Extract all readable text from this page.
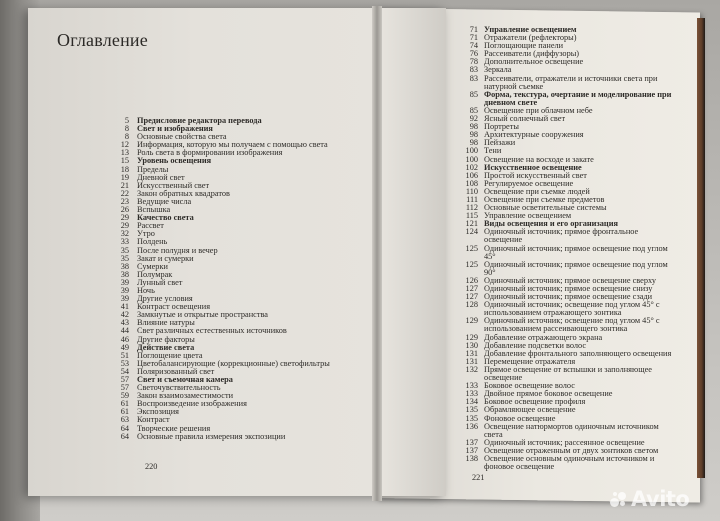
Оглавление
5 Предисловие редактора перевода
8 Свет и изображения
8 Основные свойства света
12 Информация, которую мы получаем с помощью света
13 Роль света в формировании изображения
15 Уровень освещения
18 Пределы
19 Дневной свет
21 Искусственный свет
22 Закон обратных квадратов
23 Ведущие числа
26 Вспышка
29 Качество света
29 Рассвет
32 Утро
33 Полдень
35 После полудня и вечер
35 Закат и сумерки
38 Сумерки
38 Полумрак
39 Лунный свет
39 Ночь
39 Другие условия
41 Контраст освещения
42 Замкнутые и открытые пространства
43 Влияние натуры
44 Свет различных естественных источников
46 Другие факторы
49 Действие света
51 Поглощение цвета
53 Цветобалансирующие (коррекционные) светофильтры
54 Поляризованный свет
57 Свет и съемочная камера
57 Светочувствительность
59 Закон взаимозаместимости
61 Воспроизведение изображения
61 Экспозиция
63 Контраст
64 Творческие решения
64 Основные правила измерения экспозиции
220
71 Управление освещением
71 Отражатели (рефлекторы)
74 Поглощающие панели
76 Рассеиватели (диффузоры)
78 Дополнительное освещение
83 Зеркала
83 Рассеиватели, отражатели и источники света при натурной съемке
85 Форма, текстура, очертание и моделирование при дневном свете
85 Освещение при облачном небе
92 Ясный солнечный свет
98 Портреты
98 Архитектурные сооружения
98 Пейзажи
100 Тени
100 Освещение на восходе и закате
102 Искусственное освещение
106 Простой искусственный свет
108 Регулируемое освещение
110 Освещение при съемке людей
111 Освещение при съемке предметов
112 Основные осветительные системы
115 Управление освещением
121 Виды освещения и его организация
124 Одиночный источник; прямое фронтальное освещение
125 Одиночный источник; прямое освещение под углом 45°
125 Одиночный источник; прямое освещение под углом 90°
126 Одиночный источник; прямое освещение сверху
127 Одиночный источник; прямое освещение снизу
127 Одиночный источник; прямое освещение сзади
128 Одиночный источник; освещение под углом 45° с использованием отражающего зонтика
129 Одиночный источник; освещение под углом 45° с использованием рассеивающего зонтика
129 Добавление отражающего экрана
130 Добавление подсветки волос
131 Добавление фронтального заполняющего освещения
131 Перемещение отражателя
132 Прямое освещение от вспышки и заполняющее освещение
133 Боковое освещение волос
133 Двойное прямое боковое освещение
134 Боковое освещение профиля
135 Обрамляющее освещение
135 Фоновое освещение
136 Освещение натюрмортов одиночным источником света
137 Одиночный источник; рассеянное освещение
137 Освещение отраженным от двух зонтиков светом
138 Освещение основным одиночным источником и фоновое освещение
221
Avito
